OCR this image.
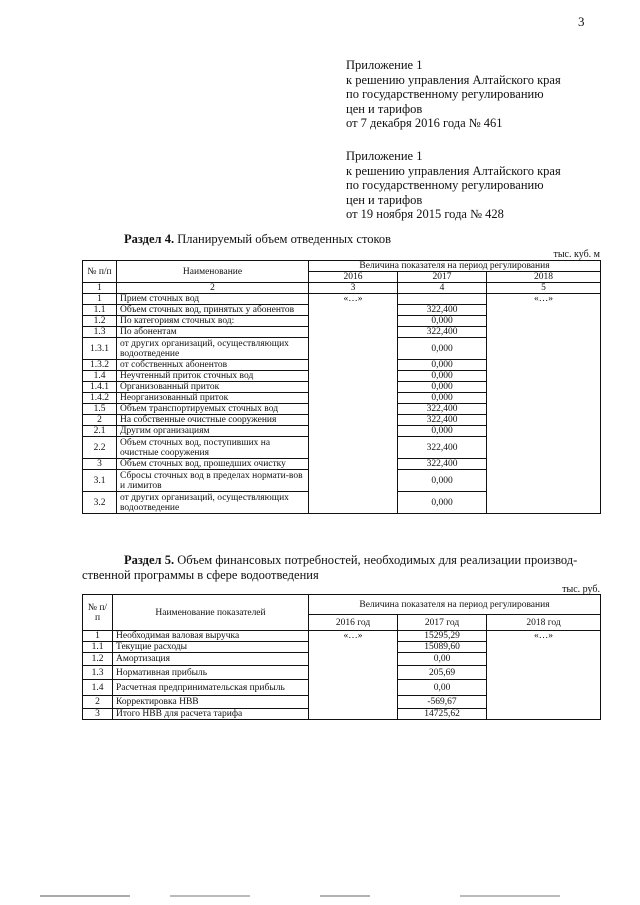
3
Приложение 1
к решению управления Алтайского края
по государственному регулированию
цен и тарифов
от 7 декабря 2016 года № 461
Приложение 1
к решению управления Алтайского края
по государственному регулированию
цен и тарифов
от 19 ноября 2015 года № 428
Раздел 4. Планируемый объем отведенных стоков
тыс. куб. м
№ п/п	Наименование	Величина показателя на период регулирования		
		2016	2017	2018
1	2	3	4	5
1	Прием сточных вод	«…»		«…»
1.1	Объем сточных вод, принятых у абонентов		322,400	
1.2	По категориям сточных вод:		0,000	
1.3	По абонентам		322,400	
1.3.1	от других организаций, осуществляющих водоотведение		0,000	
1.3.2	от собственных абонентов		0,000	
1.4	Неучтенный приток сточных вод		0,000	
1.4.1	Организованный приток		0,000	
1.4.2	Неорганизованный приток		0,000	
1.5	Объем транспортируемых сточных вод		322,400	
2	На собственные очистные сооружения		322,400	
2.1	Другим организациям		0,000	
2.2	Объем сточных вод, поступивших на очистные сооружения		322,400	
3	Объем сточных вод, прошедших очистку		322,400	
3.1	Сбросы сточных вод в пределах нормати-вов и лимитов		0,000	
3.2	от других организаций, осуществляющих водоотведение		0,000	
Раздел 5. Объем финансовых потребностей, необходимых для реализации производ-
ственной программы в сфере водоотведения
тыс. руб.
№ п/ п	Наименование показателей	Величина показателя на период регулирования		
		2016 год	2017 год	2018 год
1	Необходимая валовая выручка	«…»	15295,29	«…»
1.1	Текущие расходы		15089,60	
1.2	Амортизация		0,00	
1.3	Нормативная прибыль		205,69	
1.4	Расчетная предпринимательская прибыль		0,00	
2	Корректировка НВВ		-569,67	
3	Итого НВВ для расчета тарифа		14725,62	
